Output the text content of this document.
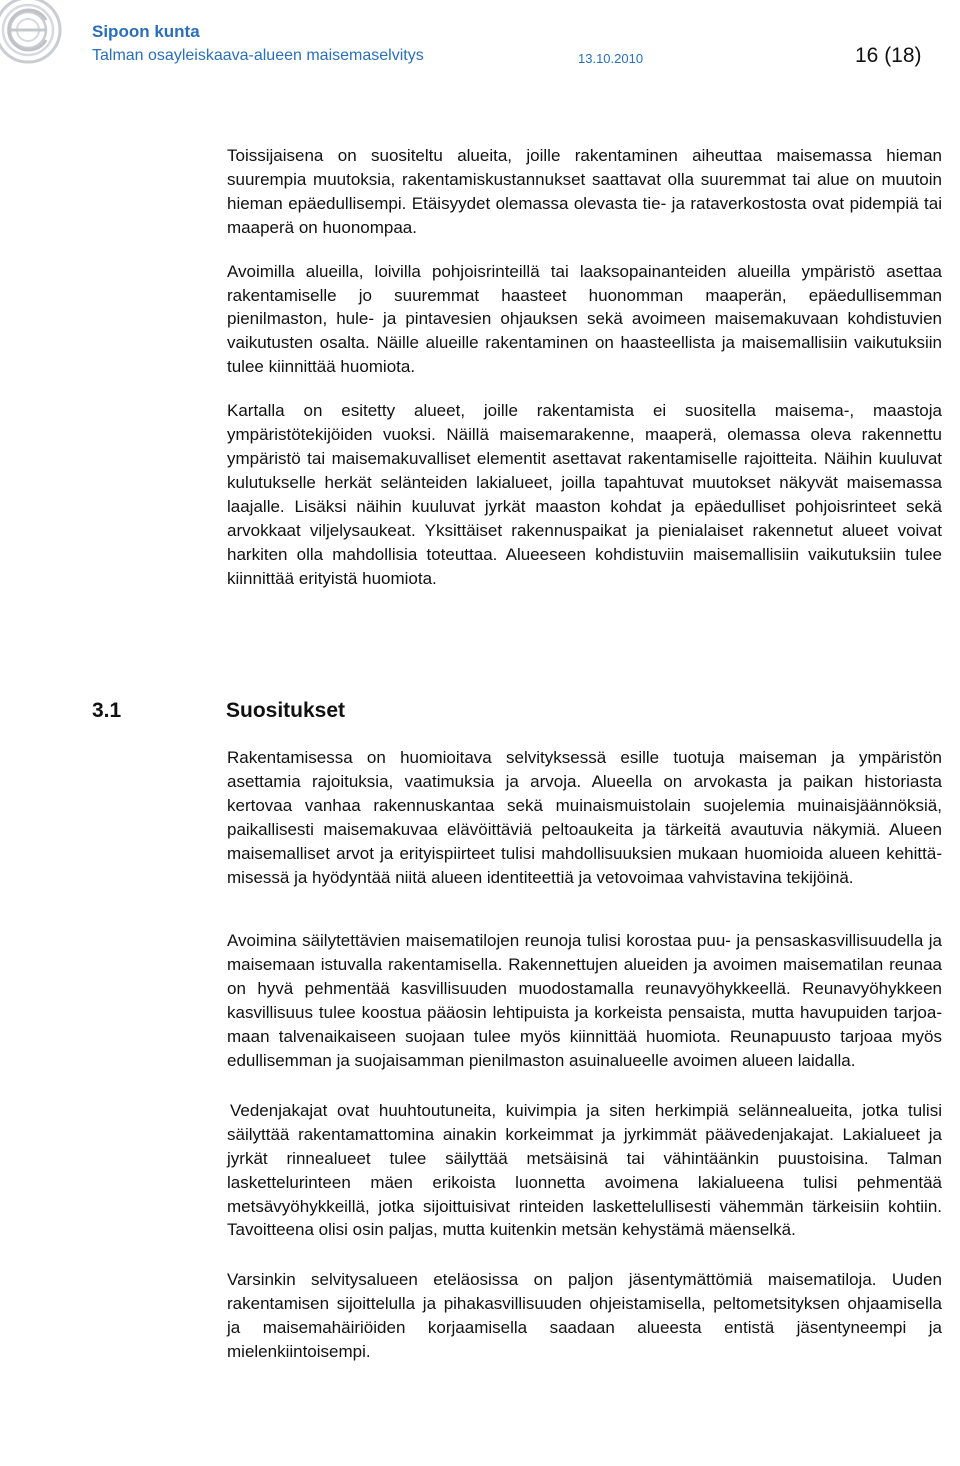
Sipoon kunta
Talman osayleiskaava-alueen maisemaselvitys	13.10.2010	16 (18)

Toissijaisena on suositeltu alueita, joille rakentaminen aiheuttaa maisemassa hieman suurempia muutoksia, rakentamiskustannukset saattavat olla suuremmat tai alue on muutoin hieman epäedullisempi. Etäisyydet olemassa olevasta tie- ja rataverkostosta ovat pidempiä tai maaperä on huonompaa.

Avoimilla alueilla, loivilla pohjoisrinteillä tai laaksopainanteiden alueilla ympäristö asettaa rakentamiselle jo suuremmat haasteet huonomman maaperän, epäedullisemman pienilmaston, hule- ja pintavesien ohjauksen sekä avoimeen maisemakuvaan kohdistuvien vaikutusten osalta. Näille alueille rakentaminen on haasteellista ja maisemallisiin vaikutuksiin tulee kiinnittää huomiota.

Kartalla on esitetty alueet, joille rakentamista ei suositella maisema-, maastoja ympäristötekijöiden vuoksi. Näillä maisemarakenne, maaperä, olemassa oleva rakennettu ympäristö tai maisemakuvalliset elementit asettavat rakentamiselle rajoitteita. Näihin kuuluvat kulutukselle herkät selänteiden lakialueet, joilla tapahtuvat muutokset näkyvät maisemassa laajalle. Lisäksi näihin kuuluvat jyrkät maaston kohdat ja epäedulliset pohjoisrinteet sekä arvokkaat viljelysaukeat. Yksittäiset rakennuspaikat ja pienialaiset rakennetut alueet voivat harkiten olla mahdollisia toteuttaa. Alueeseen kohdistuviin maisemallisiin vaikutuksiin tulee kiinnittää erityistä huomiota.

3.1	Suositukset

Rakentamisessa on huomioitava selvityksessä esille tuotuja maiseman ja ympäristön asettamia rajoituksia, vaatimuksia ja arvoja. Alueella on arvokasta ja paikan historiasta kertovaa vanhaa rakennuskantaa sekä muinaismuistolain suojelemia muinaisjäännöksiä, paikallisesti maisemakuvaa elävöittäviä peltoaukeita ja tärkeitä avautuvia näkymiä. Alueen maisemalliset arvot ja erityispiirteet tulisi mahdollisuuksien mukaan huomioida alueen kehittämisessä ja hyödyntää niitä alueen identiteettiä ja vetovoimaa vahvistavina tekijöinä.

Avoimina säilytettävien maisematilojen reunoja tulisi korostaa puu- ja pensaskasvillisuudella ja maisemaan istuvalla rakentamisella. Rakennettujen alueiden ja avoimen maisematilan reunaa on hyvä pehmentää kasvillisuuden muodostamalla reunavyöhykkeellä. Reunavyöhykkeen kasvillisuus tulee koostua pääosin lehtipuista ja korkeista pensaista, mutta havupuiden tarjoamaan talvenaikaiseen suojaan tulee myös kiinnittää huomiota. Reunapuusto tarjoaa myös edullisemman ja suojaisamman pienilmaston asuinalueelle avoimen alueen laidalla.

Vedenjakajat ovat huuhtoutuneita, kuivimpia ja siten herkimpiä selännealueita, jotka tulisi säilyttää rakentamattomina ainakin korkeimmat ja jyrkimmät päävedenjakajat. Lakialueet ja jyrkät rinnealueet tulee säilyttää metsäisinä tai vähintäänkin puustoisina. Talman laskettelurinteen mäen erikoista luonnetta avoimena lakialueena tulisi pehmentää metsävyöhykkeillä, jotka sijoittuisivat rinteiden laskettelullisesti vähemmän tärkeisiin kohtiin. Tavoitteena olisi osin paljas, mutta kuitenkin metsän kehystämä mäenselkä.

Varsinkin selvitysalueen eteläosissa on paljon jäsentymättömiä maisematiloja. Uuden rakentamisen sijoittelulla ja pihakasvillisuuden ohjeistamisella, peltometsityksen ohjaamisella ja maisemahäiriöiden korjaamisella saadaan alueesta entistä jäsentyneempi ja mielenkiintoisempi.
